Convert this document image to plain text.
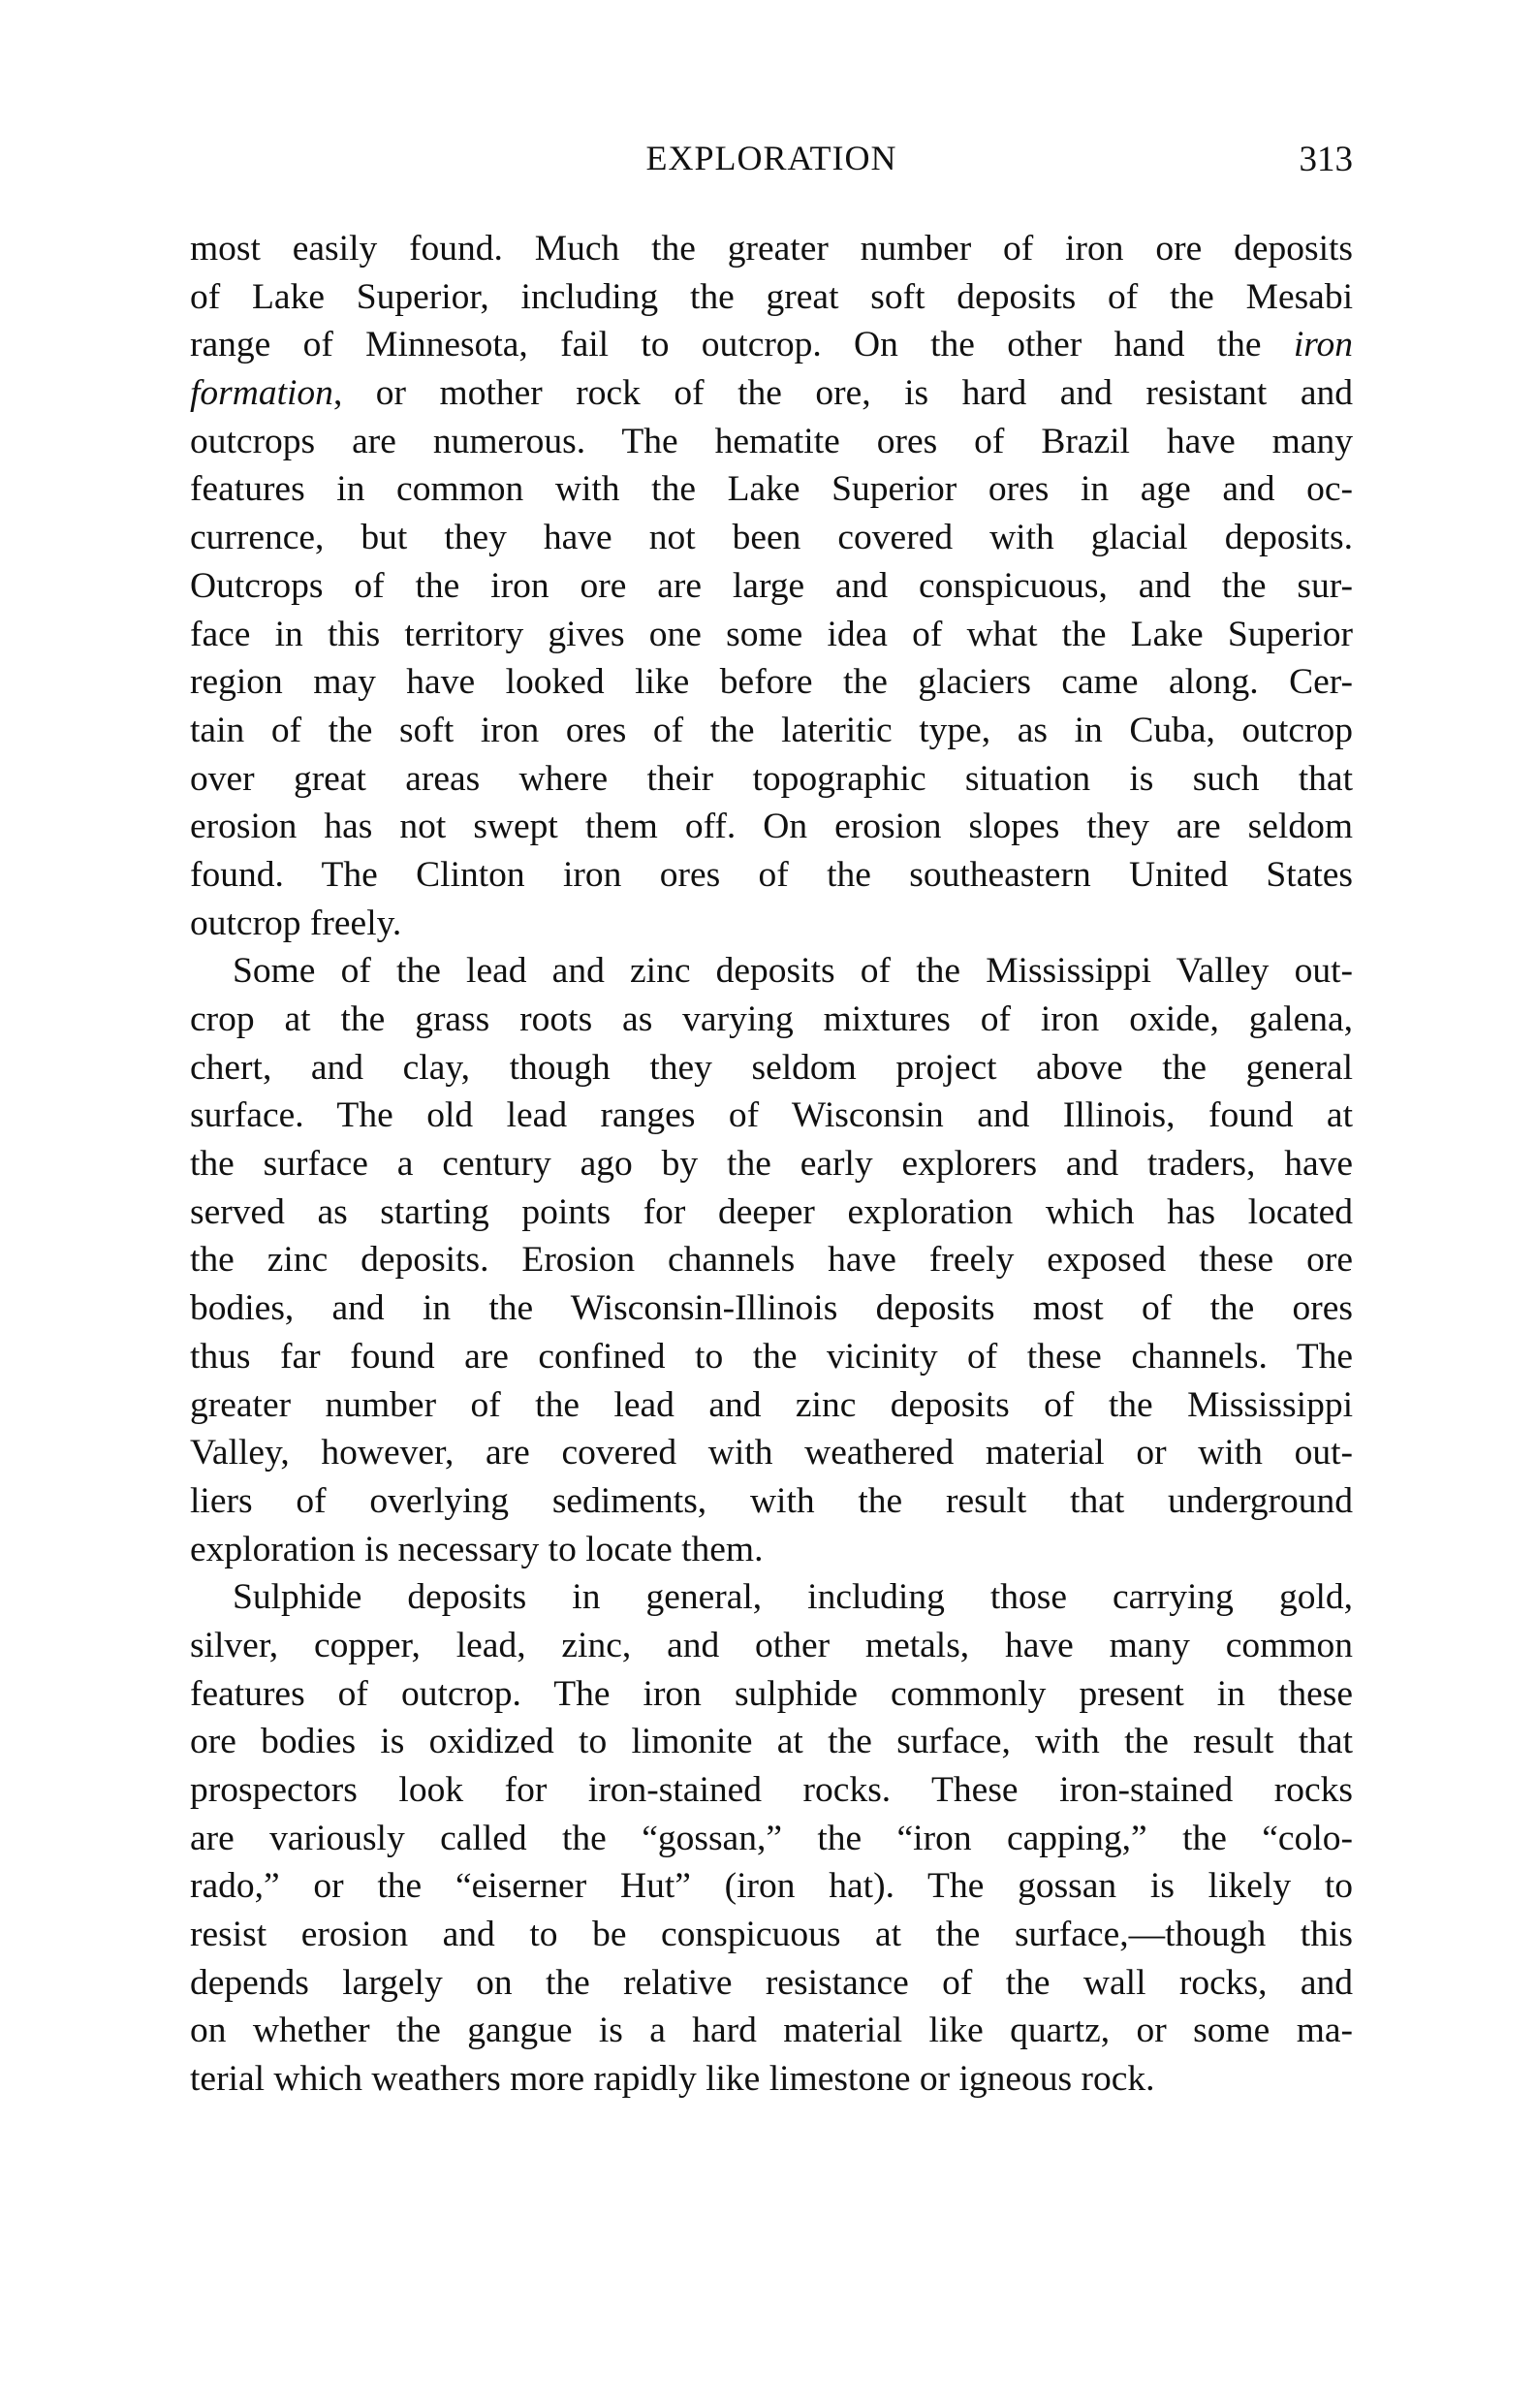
EXPLORATION	313
most easily found. Much the greater number of iron ore deposits
of Lake Superior, including the great soft deposits of the Mesabi
range of Minnesota, fail to outcrop. On the other hand the iron
formation, or mother rock of the ore, is hard and resistant and
outcrops are numerous. The hematite ores of Brazil have many
features in common with the Lake Superior ores in age and oc-
currence, but they have not been covered with glacial deposits.
Outcrops of the iron ore are large and conspicuous, and the sur-
face in this territory gives one some idea of what the Lake Superior
region may have looked like before the glaciers came along. Cer-
tain of the soft iron ores of the lateritic type, as in Cuba, outcrop
over great areas where their topographic situation is such that
erosion has not swept them off. On erosion slopes they are seldom
found. The Clinton iron ores of the southeastern United States
outcrop freely.
Some of the lead and zinc deposits of the Mississippi Valley out-
crop at the grass roots as varying mixtures of iron oxide, galena,
chert, and clay, though they seldom project above the general
surface. The old lead ranges of Wisconsin and Illinois, found at
the surface a century ago by the early explorers and traders, have
served as starting points for deeper exploration which has located
the zinc deposits. Erosion channels have freely exposed these ore
bodies, and in the Wisconsin-Illinois deposits most of the ores
thus far found are confined to the vicinity of these channels. The
greater number of the lead and zinc deposits of the Mississippi
Valley, however, are covered with weathered material or with out-
liers of overlying sediments, with the result that underground
exploration is necessary to locate them.
Sulphide deposits in general, including those carrying gold,
silver, copper, lead, zinc, and other metals, have many common
features of outcrop. The iron sulphide commonly present in these
ore bodies is oxidized to limonite at the surface, with the result that
prospectors look for iron-stained rocks. These iron-stained rocks
are variously called the “gossan,” the “iron capping,” the “colo-
rado,” or the “eiserner Hut” (iron hat). The gossan is likely to
resist erosion and to be conspicuous at the surface,—though this
depends largely on the relative resistance of the wall rocks, and
on whether the gangue is a hard material like quartz, or some ma-
terial which weathers more rapidly like limestone or igneous rock.
